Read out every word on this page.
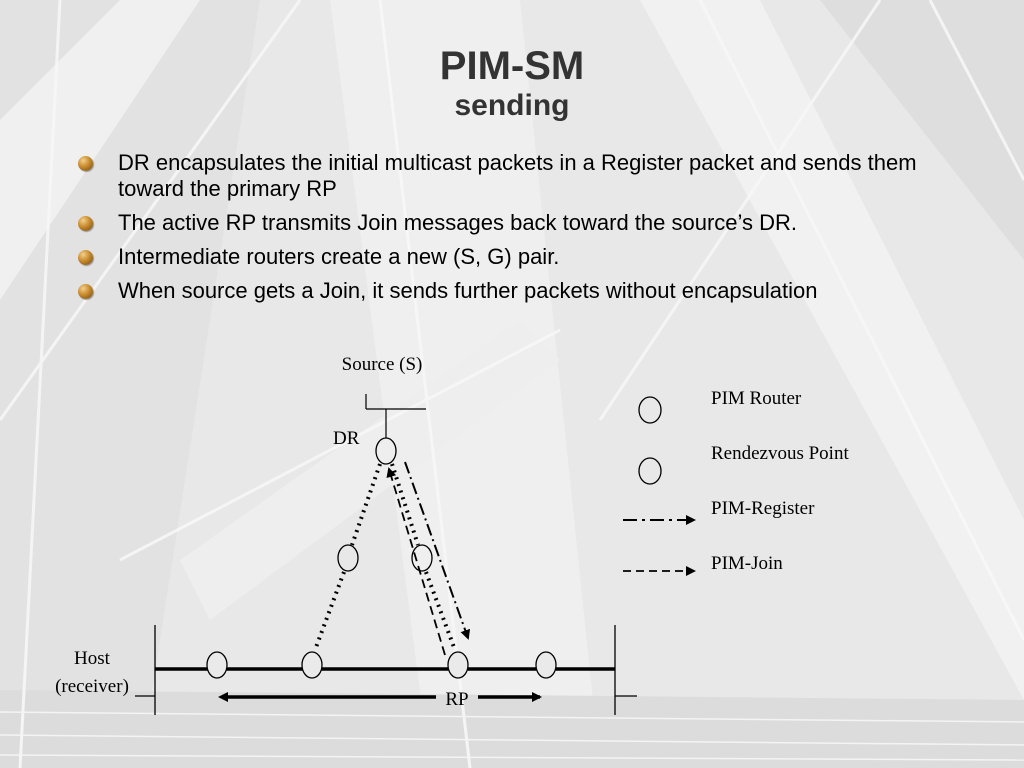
PIM-SM
sending
DR encapsulates the initial multicast packets in a Register packet and sends them toward the primary RP
The active RP transmits Join messages back toward the source’s DR.
Intermediate routers create a new (S, G) pair.
When source gets a Join, it sends further packets without encapsulation
Source (S)
DR
Host
(receiver)
RP
PIM Router
Rendezvous Point
PIM-Register
PIM-Join
